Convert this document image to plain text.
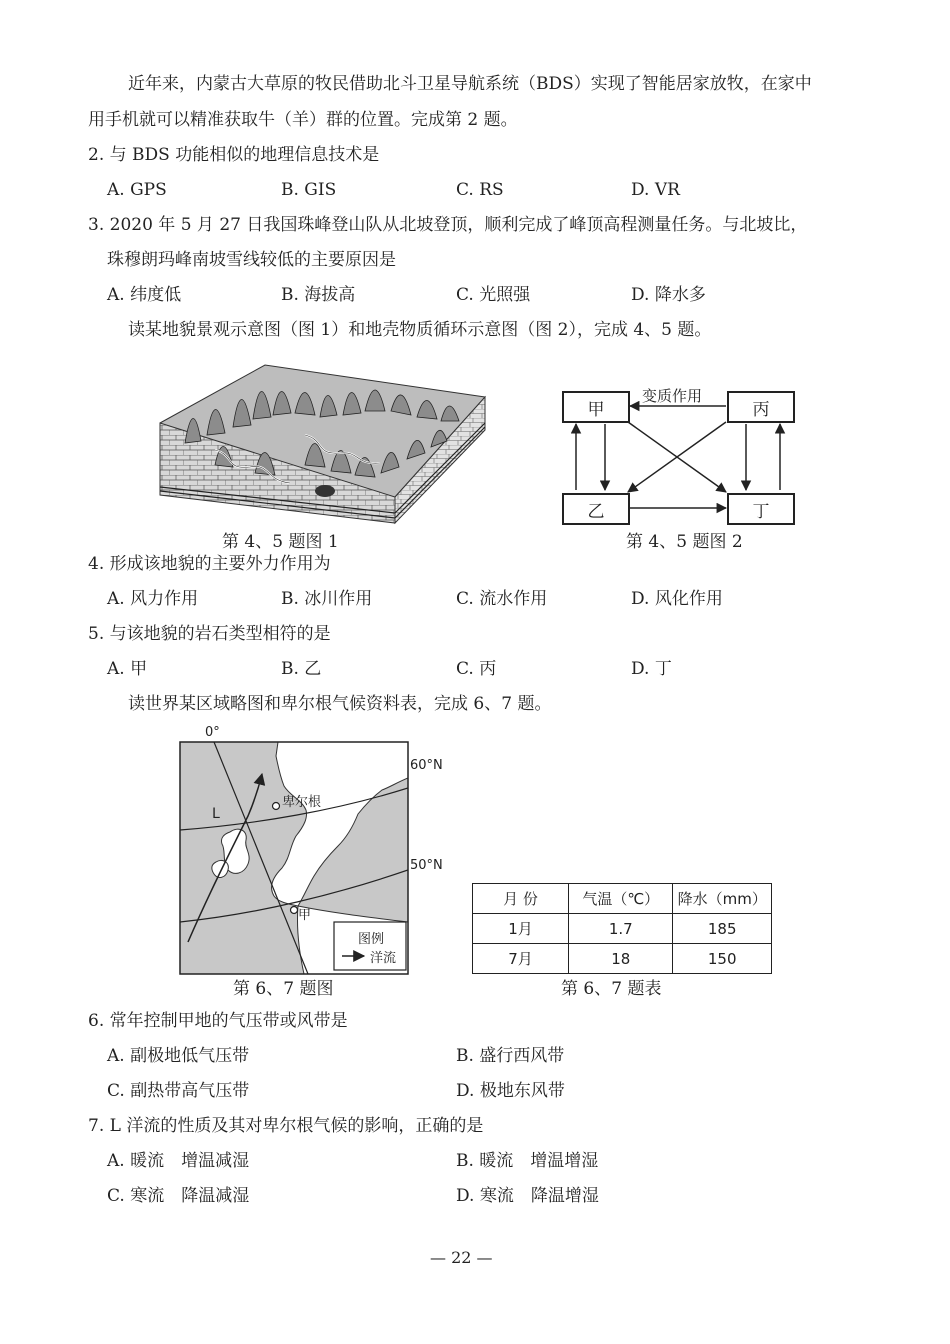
近年来，内蒙古大草原的牧民借助北斗卫星导航系统（BDS）实现了智能居家放牧，在家中
用手机就可以精准获取牛（羊）群的位置。完成第 2 题。
2. 与 BDS 功能相似的地理信息技术是
A. GPS	B. GIS	C. RS	D. VR
3. 2020 年 5 月 27 日我国珠峰登山队从北坡登顶，顺利完成了峰顶高程测量任务。与北坡比，
珠穆朗玛峰南坡雪线较低的主要原因是
A. 纬度低	B. 海拔高	C. 光照强	D. 降水多
读某地貌景观示意图（图 1）和地壳物质循环示意图（图 2），完成 4、5 题。
第 4、5 题图 1
甲	丙
乙	丁
变质作用
第 4、5 题图 2
4. 形成该地貌的主要外力作用为
A. 风力作用	B. 冰川作用	C. 流水作用	D. 风化作用
5. 与该地貌的岩石类型相符的是
A. 甲	B. 乙	C. 丙	D. 丁
读世界某区域略图和卑尔根气候资料表，完成 6、7 题。
0°
60°N
50°N
卑尔根
L
甲
图例
洋流
第 6、7 题图
月 份	气温（℃）	降水（mm）
1月	1.7	185
7月	18	150
第 6、7 题表
6. 常年控制甲地的气压带或风带是
A. 副极地低气压带	B. 盛行西风带
C. 副热带高气压带	D. 极地东风带
7. L 洋流的性质及其对卑尔根气候的影响，正确的是
A. 暖流　增温减湿	B. 暖流　增温增湿
C. 寒流　降温减湿	D. 寒流　降温增湿
— 22 —
